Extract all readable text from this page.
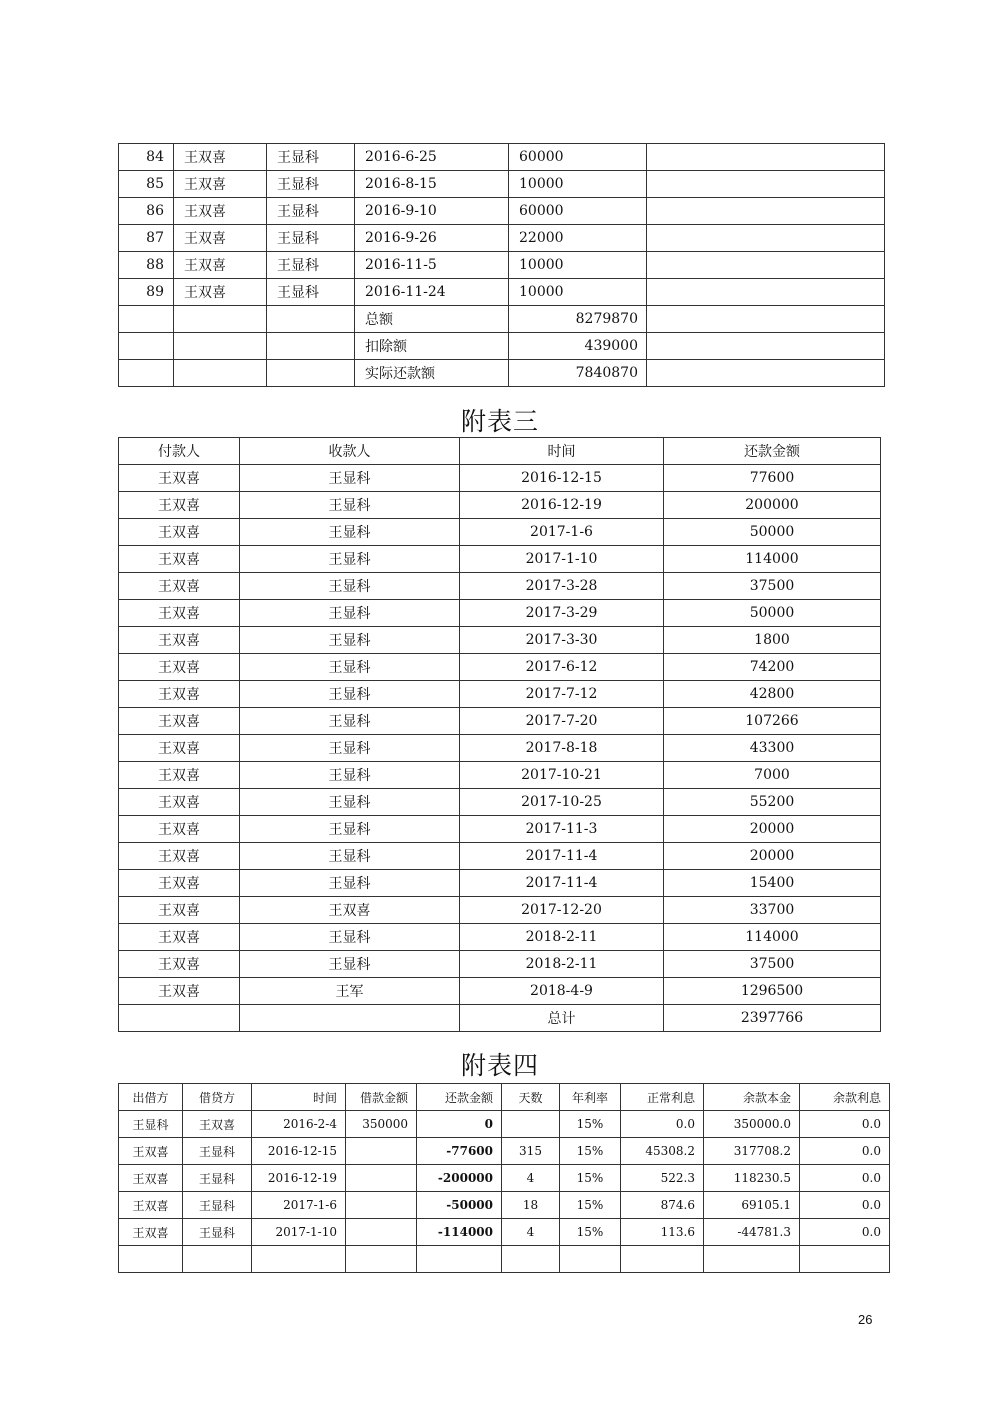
84	王双喜	王显科	2016-6-25	60000	
85	王双喜	王显科	2016-8-15	10000	
86	王双喜	王显科	2016-9-10	60000	
87	王双喜	王显科	2016-9-26	22000	
88	王双喜	王显科	2016-11-5	10000	
89	王双喜	王显科	2016-11-24	10000	
			总额	8279870	
			扣除额	439000	
			实际还款额	7840870	
附表三
付款人	收款人	时间	还款金额
王双喜	王显科	2016-12-15	77600
王双喜	王显科	2016-12-19	200000
王双喜	王显科	2017-1-6	50000
王双喜	王显科	2017-1-10	114000
王双喜	王显科	2017-3-28	37500
王双喜	王显科	2017-3-29	50000
王双喜	王显科	2017-3-30	1800
王双喜	王显科	2017-6-12	74200
王双喜	王显科	2017-7-12	42800
王双喜	王显科	2017-7-20	107266
王双喜	王显科	2017-8-18	43300
王双喜	王显科	2017-10-21	7000
王双喜	王显科	2017-10-25	55200
王双喜	王显科	2017-11-3	20000
王双喜	王显科	2017-11-4	20000
王双喜	王显科	2017-11-4	15400
王双喜	王双喜	2017-12-20	33700
王双喜	王显科	2018-2-11	114000
王双喜	王显科	2018-2-11	37500
王双喜	王军	2018-4-9	1296500
		总计	2397766
附表四
出借方	借贷方	时间	借款金额	还款金额	天数	年利率	正常利息	余款本金	余款利息
王显科	王双喜	2016-2-4	350000	0		15%	0.0	350000.0	0.0
王双喜	王显科	2016-12-15		-77600	315	15%	45308.2	317708.2	0.0
王双喜	王显科	2016-12-19		-200000	4	15%	522.3	118230.5	0.0
王双喜	王显科	2017-1-6		-50000	18	15%	874.6	69105.1	0.0
王双喜	王显科	2017-1-10		-114000	4	15%	113.6	-44781.3	0.0

26
